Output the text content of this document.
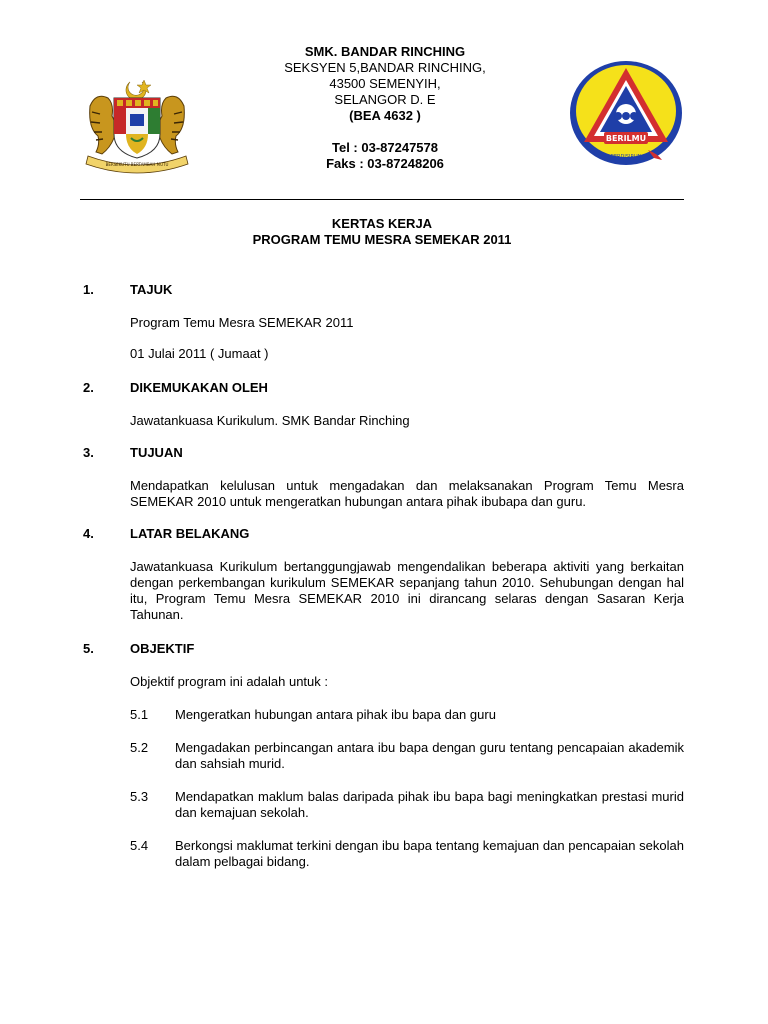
BERSEKUTU BERTAMBAH MUTU
SMK. BANDAR RINCHING
SEKSYEN 5,BANDAR RINCHING,
43500 SEMENYIH,
SELANGOR D. E
(BEA 4632 )
Tel : 03-87247578
Faks : 03-87248206
BERILMU
BERDISIPLIN
KERTAS KERJA
PROGRAM TEMU MESRA SEMEKAR 2011
1.	TAJUK
Program Temu Mesra SEMEKAR 2011
01 Julai 2011 ( Jumaat )
2.	DIKEMUKAKAN OLEH
Jawatankuasa Kurikulum. SMK Bandar Rinching
3.	TUJUAN
Mendapatkan kelulusan untuk mengadakan dan melaksanakan Program Temu Mesra SEMEKAR 2010 untuk mengeratkan hubungan antara pihak ibubapa dan guru.
4.	LATAR BELAKANG
Jawatankuasa Kurikulum bertanggungjawab mengendalikan beberapa aktiviti yang berkaitan dengan perkembangan kurikulum SEMEKAR sepanjang tahun 2010. Sehubungan dengan hal itu, Program Temu Mesra SEMEKAR 2010 ini dirancang selaras dengan Sasaran Kerja Tahunan.
5.	OBJEKTIF
Objektif program ini adalah untuk :
5.1 Mengeratkan hubungan antara pihak ibu bapa dan guru
5.2 Mengadakan perbincangan antara ibu bapa dengan guru tentang pencapaian akademik dan sahsiah murid.
5.3 Mendapatkan maklum balas daripada pihak ibu bapa bagi meningkatkan prestasi murid dan kemajuan sekolah.
5.4 Berkongsi maklumat terkini dengan ibu bapa tentang kemajuan dan pencapaian sekolah dalam pelbagai bidang.
